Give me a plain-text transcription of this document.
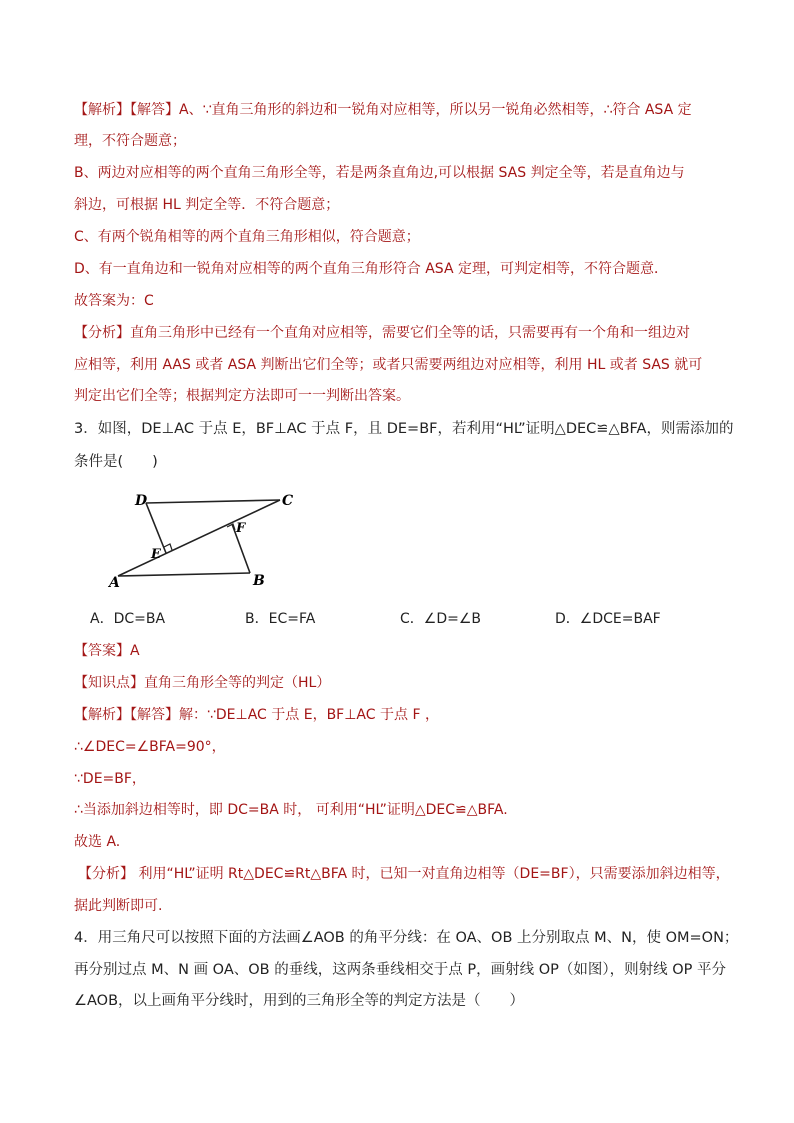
【解析】【解答】A、∵直角三角形的斜边和一锐角对应相等，所以另一锐角必然相等，∴符合 ASA 定
理，不符合题意；
B、两边对应相等的两个直角三角形全等，若是两条直角边,可以根据 SAS 判定全等，若是直角边与
斜边，可根据 HL 判定全等．不符合题意；
C、有两个锐角相等的两个直角三角形相似，符合题意；
D、有一直角边和一锐角对应相等的两个直角三角形符合 ASA 定理，可判定相等，不符合题意．
故答案为：C
【分析】直角三角形中已经有一个直角对应相等，需要它们全等的话，只需要再有一个角和一组边对
应相等，利用 AAS 或者 ASA 判断出它们全等；或者只需要两组边对应相等，利用 HL 或者 SAS 就可
判定出它们全等；根据判定方法即可一一判断出答案。
3．如图，DE⊥AC 于点 E，BF⊥AC 于点 F，且 DE=BF，若利用“HL”证明△DEC≌△BFA，则需添加的
条件是(　　)
D	C
E
F
A	B
A．DC=BA	B．EC=FA	C．∠D=∠B	D．∠DCE=BAF
【答案】A
【知识点】直角三角形全等的判定（HL）
【解析】【解答】解：∵DE⊥AC 于点 E，BF⊥AC 于点 F ，
∴∠DEC=∠BFA=90°，
∵DE=BF，
∴当添加斜边相等时，即 DC=BA 时， 可利用“HL”证明△DEC≌△BFA.
故选 A.
【分析】 利用“HL”证明 Rt△DEC≌Rt△BFA 时，已知一对直角边相等（DE=BF），只需要添加斜边相等，
据此判断即可.
4．用三角尺可以按照下面的方法画∠AOB 的角平分线：在 OA、OB 上分别取点 M、N，使 OM=ON；
再分别过点 M、N 画 OA、OB 的垂线，这两条垂线相交于点 P，画射线 OP（如图），则射线 OP 平分
∠AOB，以上画角平分线时，用到的三角形全等的判定方法是（　　）
